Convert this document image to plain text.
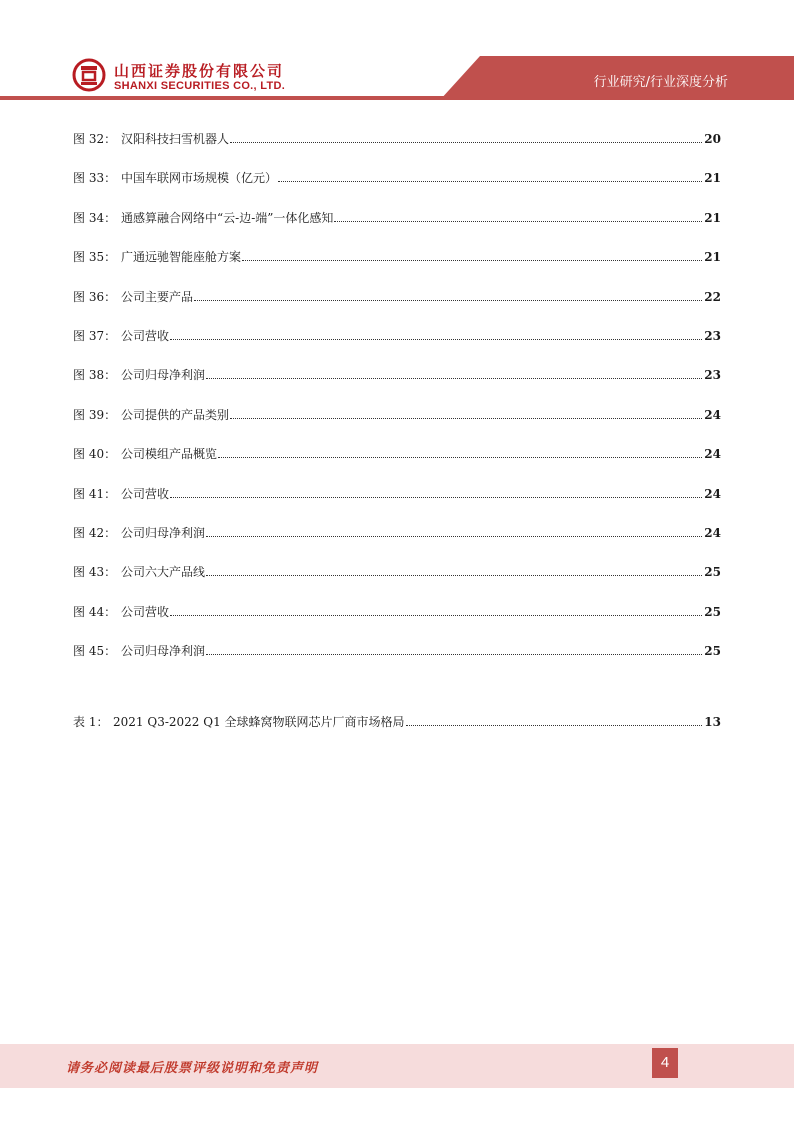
山西证券股份有限公司
SHANXI SECURITIES CO., LTD.	行业研究/行业深度分析
图 32： 汉阳科技扫雪机器人	20
图 33： 中国车联网市场规模（亿元）	21
图 34： 通感算融合网络中“云-边-端”一体化感知	21
图 35： 广通远驰智能座舱方案	21
图 36： 公司主要产品	22
图 37： 公司营收	23
图 38： 公司归母净利润	23
图 39： 公司提供的产品类别	24
图 40： 公司模组产品概览	24
图 41： 公司营收	24
图 42： 公司归母净利润	24
图 43： 公司六大产品线	25
图 44： 公司营收	25
图 45： 公司归母净利润	25
表 1： 2021 Q3-2022 Q1 全球蜂窝物联网芯片厂商市场格局	13
请务必阅读最后股票评级说明和免责声明	4
